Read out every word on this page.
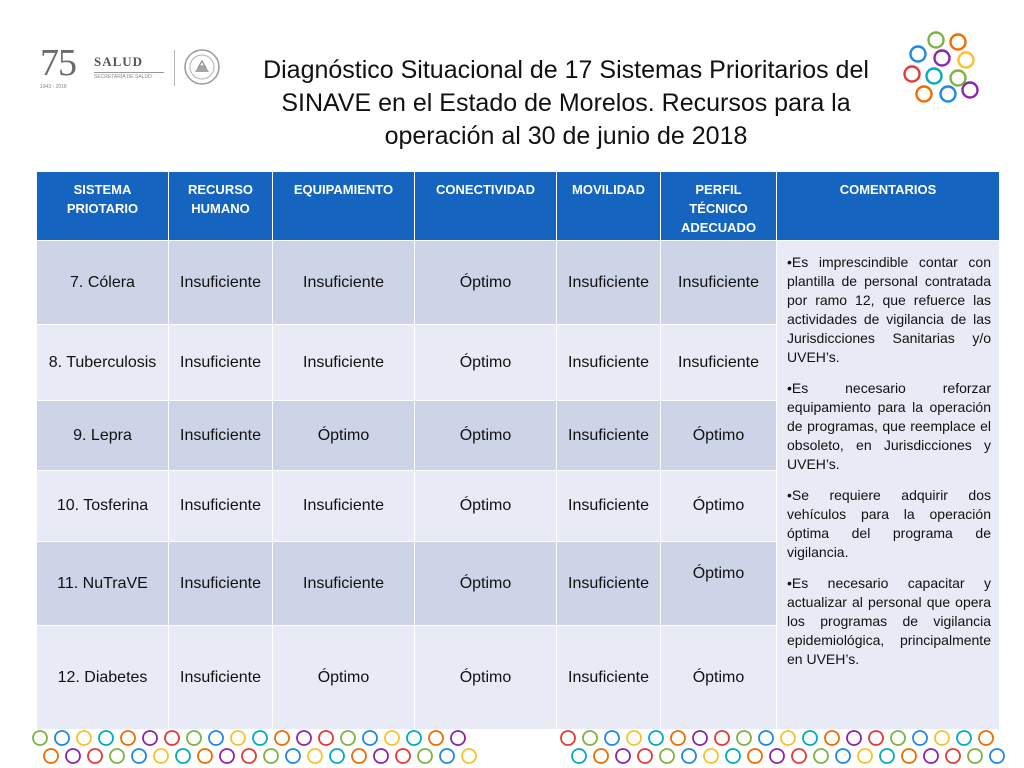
75
1943 - 2018
SALUD
SECRETARÍA DE SALUD	Diagnóstico Situacional de 17 Sistemas Prioritarios del
SINAVE en el Estado de Morelos. Recursos para la
operación al 30 de junio de 2018
SISTEMA
PRIOTARIO	RECURSO
HUMANO	EQUIPAMIENTO	CONECTIVIDAD	MOVILIDAD	PERFIL
TÉCNICO
ADECUADO	COMENTARIOS
7. Cólera	Insuficiente	Insuficiente	Óptimo	Insuficiente	Insuficiente	•Es imprescindible contar con plantilla de personal contratada por ramo 12, que refuerce las actividades de vigilancia de las Jurisdicciones Sanitarias y/o UVEH’s.

•Es necesario reforzar equipamiento para la operación de programas, que reemplace el obsoleto, en Jurisdicciones y UVEH’s.

•Se requiere adquirir dos vehículos para la operación óptima del programa de vigilancia.

•Es necesario capacitar y actualizar al personal que opera los programas de vigilancia epidemiológica, principalmente en UVEH’s.

8. Tuberculosis	Insuficiente	Insuficiente	Óptimo	Insuficiente	Insuficiente	
9. Lepra	Insuficiente	Óptimo	Óptimo	Insuficiente	Óptimo	
10. Tosferina	Insuficiente	Insuficiente	Óptimo	Insuficiente	Óptimo	
11. NuTraVE	Insuficiente	Insuficiente	Óptimo	Insuficiente	Óptimo	
12. Diabetes	Insuficiente	Óptimo	Óptimo	Insuficiente	Óptimo	
